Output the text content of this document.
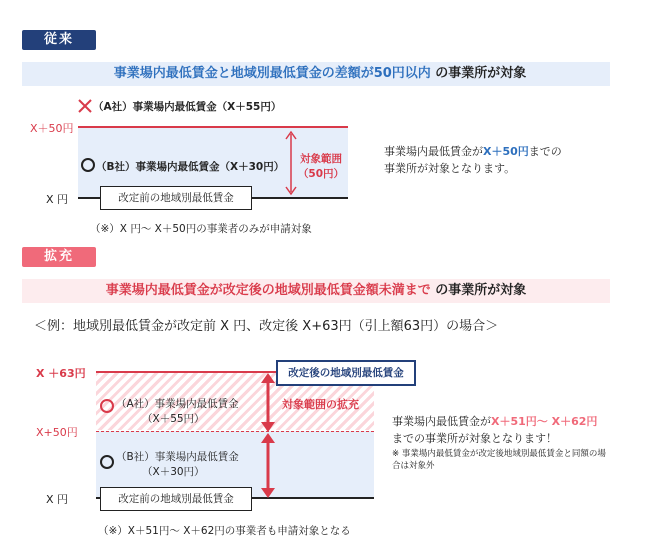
従来
事業場内最低賃金と地域別最低賃金の差額が50円以内 の事業所が対象
X＋50円
X 円
（A社）事業場内最低賃金（X＋55円）
（B社）事業場内最低賃金（X＋30円）
改定前の地域別最低賃金
対象範囲
（50円）
事業場内最低賃金がX＋50円までの
事業所が対象となります。
（※）X 円～ X＋50円の事業者のみが申請対象
拡充
事業場内最低賃金が改定後の地域別最低賃金額未満まで の事業所が対象
＜例：地域別最低賃金が改定前 X 円、改定後 X+63円（引上額63円）の場合＞
X ＋63円
X+50円
X 円
改定後の地域別最低賃金
（A社）事業場内最低賃金
（X＋55円）
（B社）事業場内最低賃金
（X＋30円）
対象範囲の拡充
改定前の地域別最低賃金
事業場内最低賃金がX＋51円～ X＋62円
までの事業所が対象となります！
※ 事業場内最低賃金が改定後地域別最低賃金と同額の場
合は対象外
（※）X＋51円～ X＋62円の事業者も申請対象となる
